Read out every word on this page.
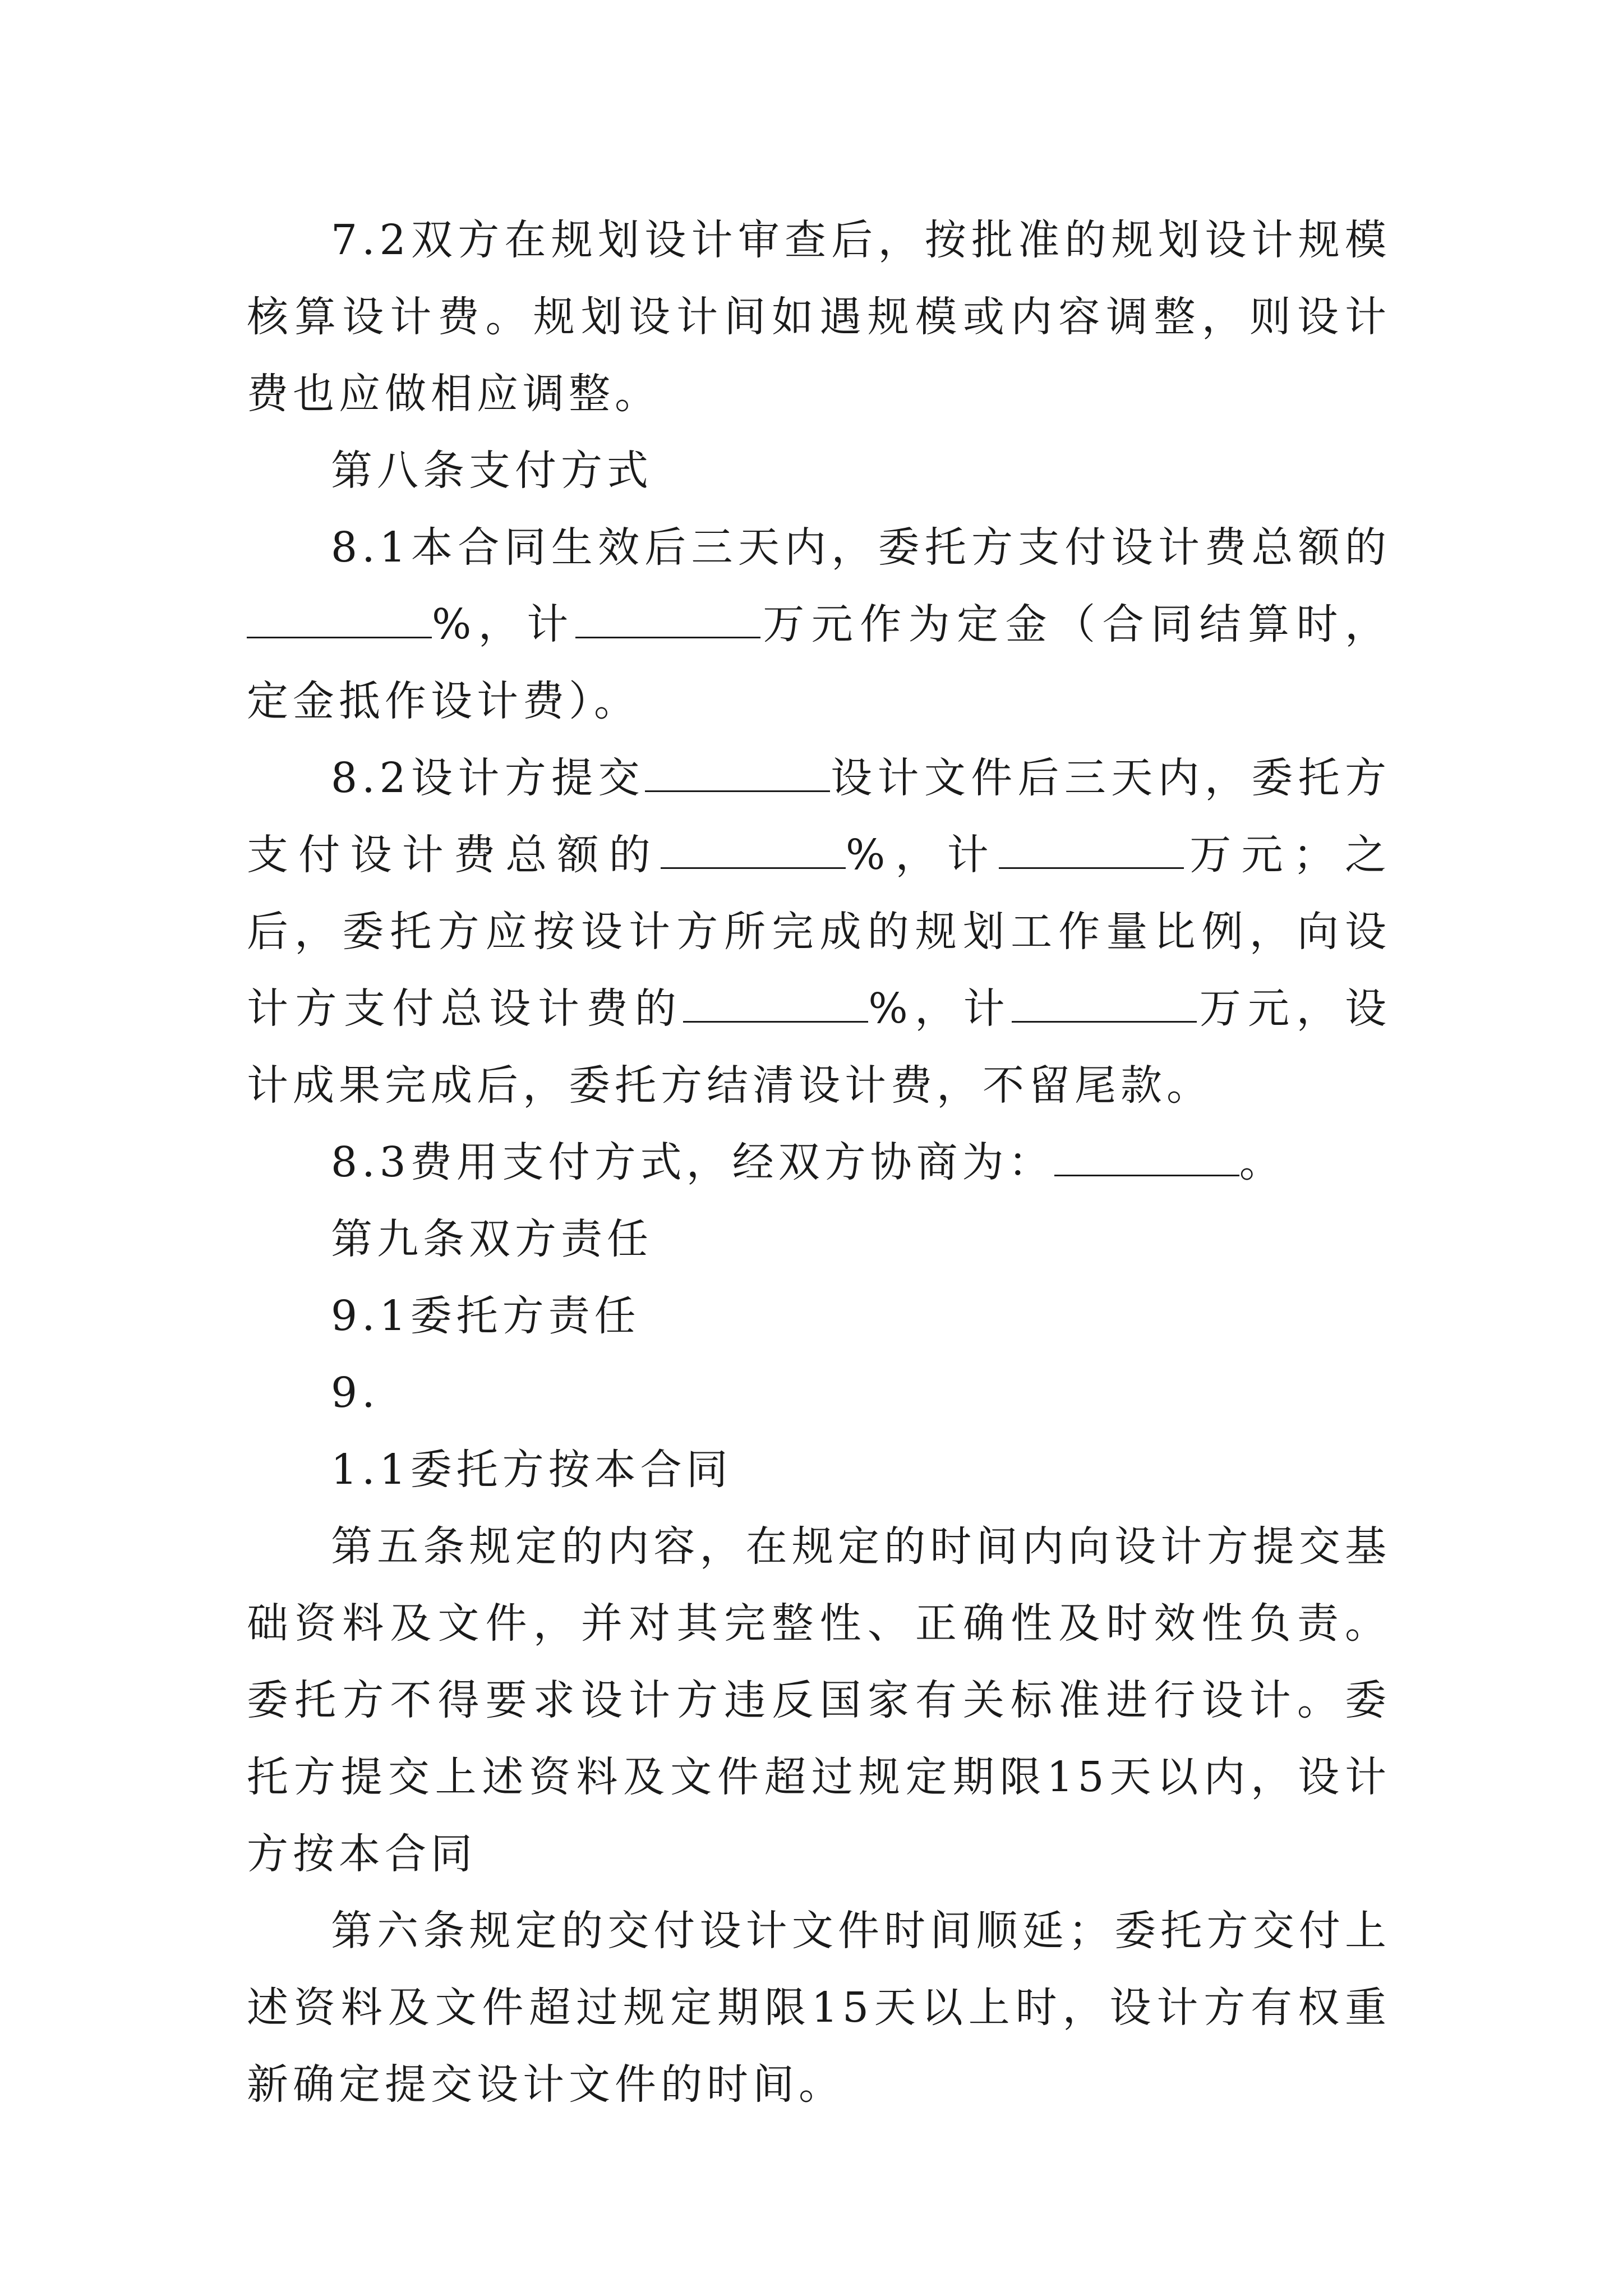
7.2双方在规划设计审查后，按批准的规划设计规模核算设计费。规划设计间如遇规模或内容调整，则设计费也应做相应调整。

第八条支付方式

8.1本合同生效后三天内，委托方支付设计费总额的%，计	万元作为定金（合同结算时，定金抵作设计费）。

8.2设计方提交	设计文件后三天内，委托方支付设计费总额的	%，计	万元；之后，委托方应按设计方所完成的规划工作量比例，向设计方支付总设计费的	%，计	万元，设计成果完成后，委托方结清设计费，不留尾款。

8.3费用支付方式，经双方协商为：	。

第九条双方责任

9.1委托方责任

9.

1.1委托方按本合同

第五条规定的内容，在规定的时间内向设计方提交基础资料及文件，并对其完整性、正确性及时效性负责。委托方不得要求设计方违反国家有关标准进行设计。委托方提交上述资料及文件超过规定期限15天以内，设计方按本合同

第六条规定的交付设计文件时间顺延；委托方交付上述资料及文件超过规定期限15天以上时，设计方有权重新确定提交设计文件的时间。
